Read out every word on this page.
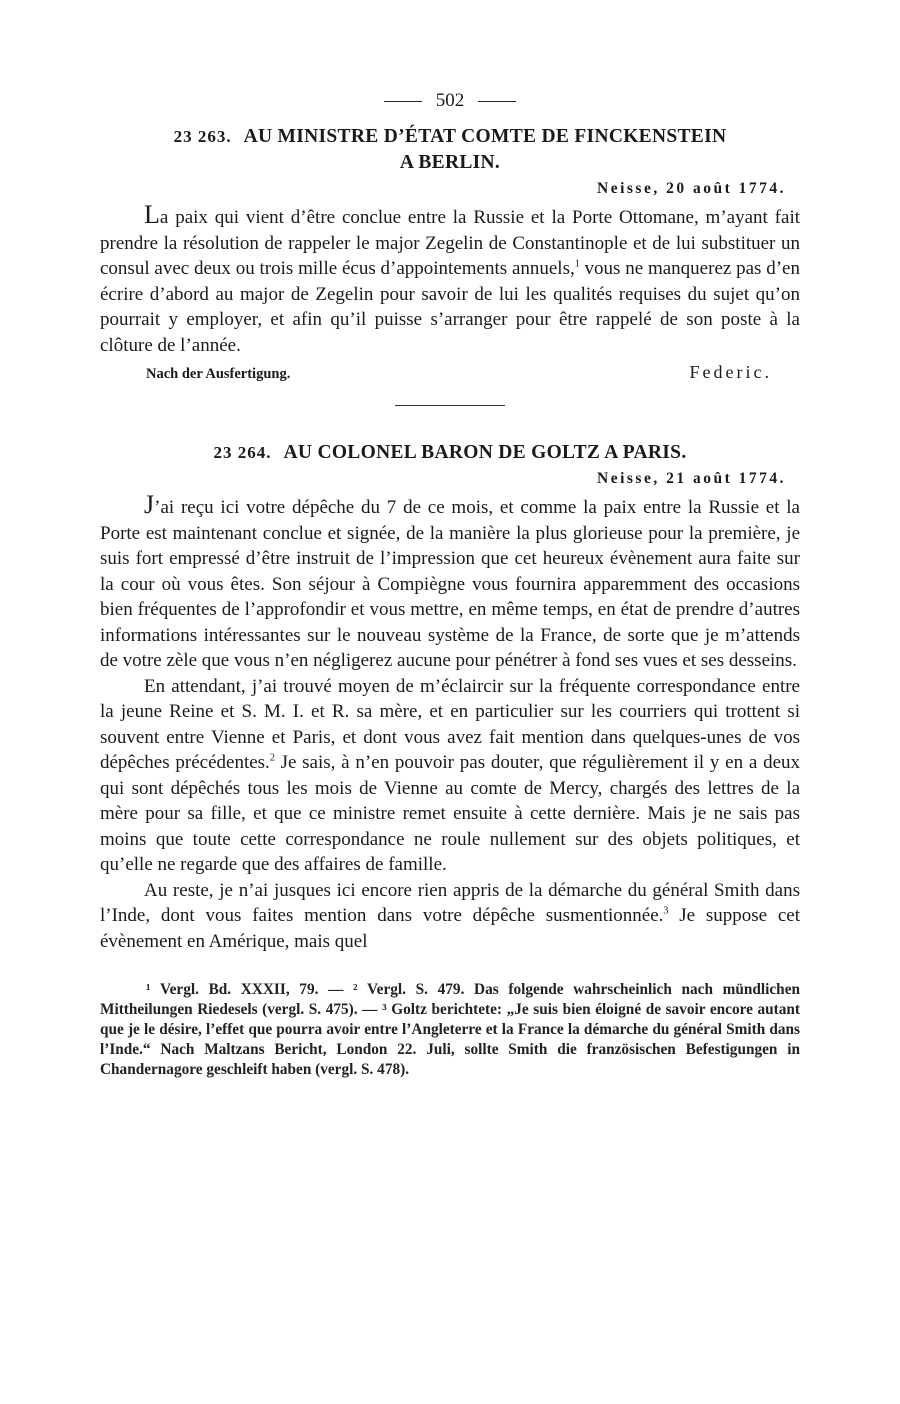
502
23 263. AU MINISTRE D’ÉTAT COMTE DE FINCKENSTEIN
A BERLIN.
Neisse, 20 août 1774.

La paix qui vient d’être conclue entre la Russie et la Porte Ottomane, m’ayant fait prendre la résolution de rappeler le major Zegelin de Constantinople et de lui substituer un consul avec deux ou trois mille écus d’appointements annuels,$^1$ vous ne manquerez pas d’en écrire d’abord au major de Zegelin pour savoir de lui les qualités requises du sujet qu’on pourrait y employer, et afin qu’il puisse s’arranger pour être rappelé de son poste à la clôture de l’année.

Nach der Ausfertigung.	Federic.
23 264. AU COLONEL BARON DE GOLTZ A PARIS.
Neisse, 21 août 1774.

J’ai reçu ici votre dépêche du 7 de ce mois, et comme la paix entre la Russie et la Porte est maintenant conclue et signée, de la manière la plus glorieuse pour la première, je suis fort empressé d’être instruit de l’impression que cet heureux évènement aura faite sur la cour où vous êtes. Son séjour à Compiègne vous fournira apparemment des occasions bien fréquentes de l’approfondir et vous mettre, en même temps, en état de prendre d’autres informations intéressantes sur le nouveau système de la France, de sorte que je m’attends de votre zèle que vous n’en négligerez aucune pour pénétrer à fond ses vues et ses desseins.

En attendant, j’ai trouvé moyen de m’éclaircir sur la fréquente correspondance entre la jeune Reine et S. M. I. et R. sa mère, et en particulier sur les courriers qui trottent si souvent entre Vienne et Paris, et dont vous avez fait mention dans quelques-unes de vos dépêches précédentes.$^2$ Je sais, à n’en pouvoir pas douter, que régulièrement il y en a deux qui sont dépêchés tous les mois de Vienne au comte de Mercy, chargés des lettres de la mère pour sa fille, et que ce ministre remet ensuite à cette dernière. Mais je ne sais pas moins que toute cette correspondance ne roule nullement sur des objets politiques, et qu’elle ne regarde que des affaires de famille.

Au reste, je n’ai jusques ici encore rien appris de la démarche du général Smith dans l’Inde, dont vous faites mention dans votre dépêche susmentionnée.$^3$ Je suppose cet évènement en Amérique, mais quel

¹ Vergl. Bd. XXXII, 79. — ² Vergl. S. 479. Das folgende wahrscheinlich nach mündlichen Mittheilungen Riedesels (vergl. S. 475). — ³ Goltz berichtete: „Je suis bien éloigné de savoir encore autant que je le désire, l’effet que pourra avoir entre l’Angleterre et la France la démarche du général Smith dans l’Inde.“ Nach Maltzans Bericht, London 22. Juli, sollte Smith die französischen Befestigungen in Chandernagore geschleift haben (vergl. S. 478).
